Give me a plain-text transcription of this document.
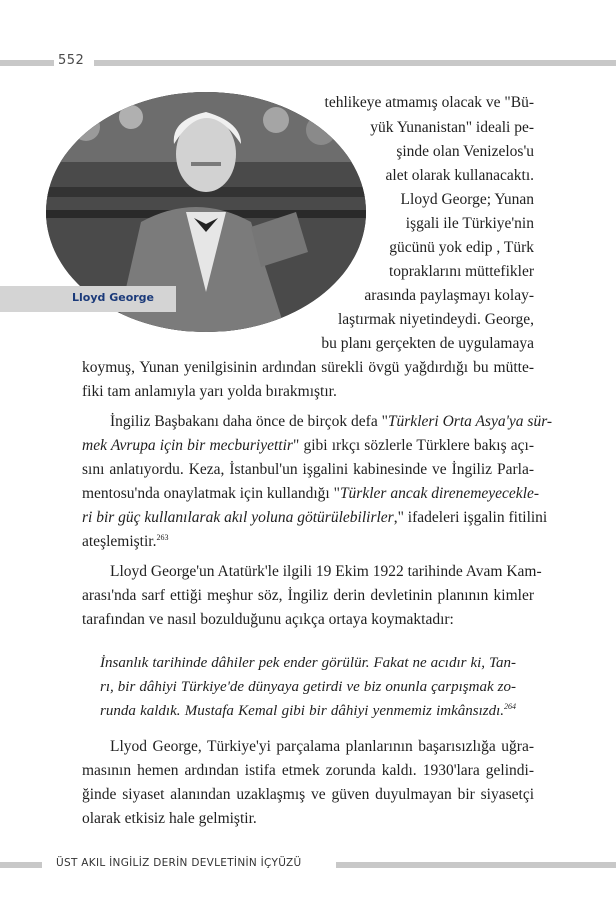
552
Lloyd George
tehlikeye atmamış olacak ve "Bü-
yük Yunanistan" ideali pe-
şinde olan Venizelos'u
alet olarak kullanacaktı.
Lloyd George; Yunan
işgali ile Türkiye'nin
gücünü yok edip , Türk
topraklarını müttefikler
arasında paylaşmayı kolay-
laştırmak niyetindeydi. George,
bu planı gerçekten de uygulamaya
koymuş, Yunan yenilgisinin ardından sürekli övgü yağdırdığı bu mütte-
fiki tam anlamıyla yarı yolda bırakmıştır.
İngiliz Başbakanı daha önce de birçok defa "Türkleri Orta Asya'ya sür-
mek Avrupa için bir mecburiyettir" gibi ırkçı sözlerle Türklere bakış açı-
sını anlatıyordu. Keza, İstanbul'un işgalini kabinesinde ve İngiliz Parla-
mentosu'nda onaylatmak için kullandığı "Türkler ancak direnemeyecekle-
ri bir güç kullanılarak akıl yoluna götürülebilirler," ifadeleri işgalin fitilini
ateşlemiştir.$^{263}$
Lloyd George'un Atatürk'le ilgili 19 Ekim 1922 tarihinde Avam Kam-
arası'nda sarf ettiği meşhur söz, İngiliz derin devletinin planının kimler
tarafından ve nasıl bozulduğunu açıkça ortaya koymaktadır:
İnsanlık tarihinde dâhiler pek ender görülür. Fakat ne acıdır ki, Tan-
rı, bir dâhiyi Türkiye'de dünyaya getirdi ve biz onunla çarpışmak zo-
runda kaldık. Mustafa Kemal gibi bir dâhiyi yenmemiz imkânsızdı.$^{264}$
Llyod George, Türkiye'yi parçalama planlarının başarısızlığa uğra-
masının hemen ardından istifa etmek zorunda kaldı. 1930'lara gelindi-
ğinde siyaset alanından uzaklaşmış ve güven duyulmayan bir siyasetçi
olarak etkisiz hale gelmiştir.
ÜST AKIL İNGİLİZ DERİN DEVLETİNİN İÇYÜZÜ
